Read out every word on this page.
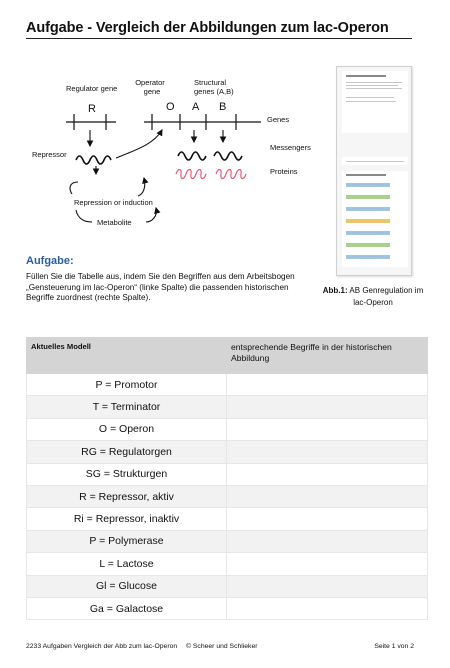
Aufgabe - Vergleich der Abbildungen zum lac-Operon
Regulator gene
Operator
gene
Structural
genes (A,B)
R	O A B
Genes
Messengers
Repressor
Proteins
Repression or induction
Metabolite
Abb.1: AB Genregulation im lac-Operon
Aufgabe:
Füllen Sie die Tabelle aus, indem Sie den Begriffen aus dem Arbeitsbogen „Gensteuerung im lac-Operon“ (linke Spalte) die passenden historischen Begriffe zuordnest (rechte Spalte).
Aktuelles Modell	entsprechende Begriffe in der historischen Abbildung
P = Promotor	
T = Terminator	
O = Operon	
RG = Regulatorgen	
SG = Strukturgen	
R = Repressor, aktiv	
Ri = Repressor, inaktiv	
P = Polymerase	
L = Lactose	
Gl = Glucose	
Ga = Galactose	
2233 Aufgaben Vergleich der Abb zum lac-Operon © Scheer und Schlieker	Seite 1 von 2
